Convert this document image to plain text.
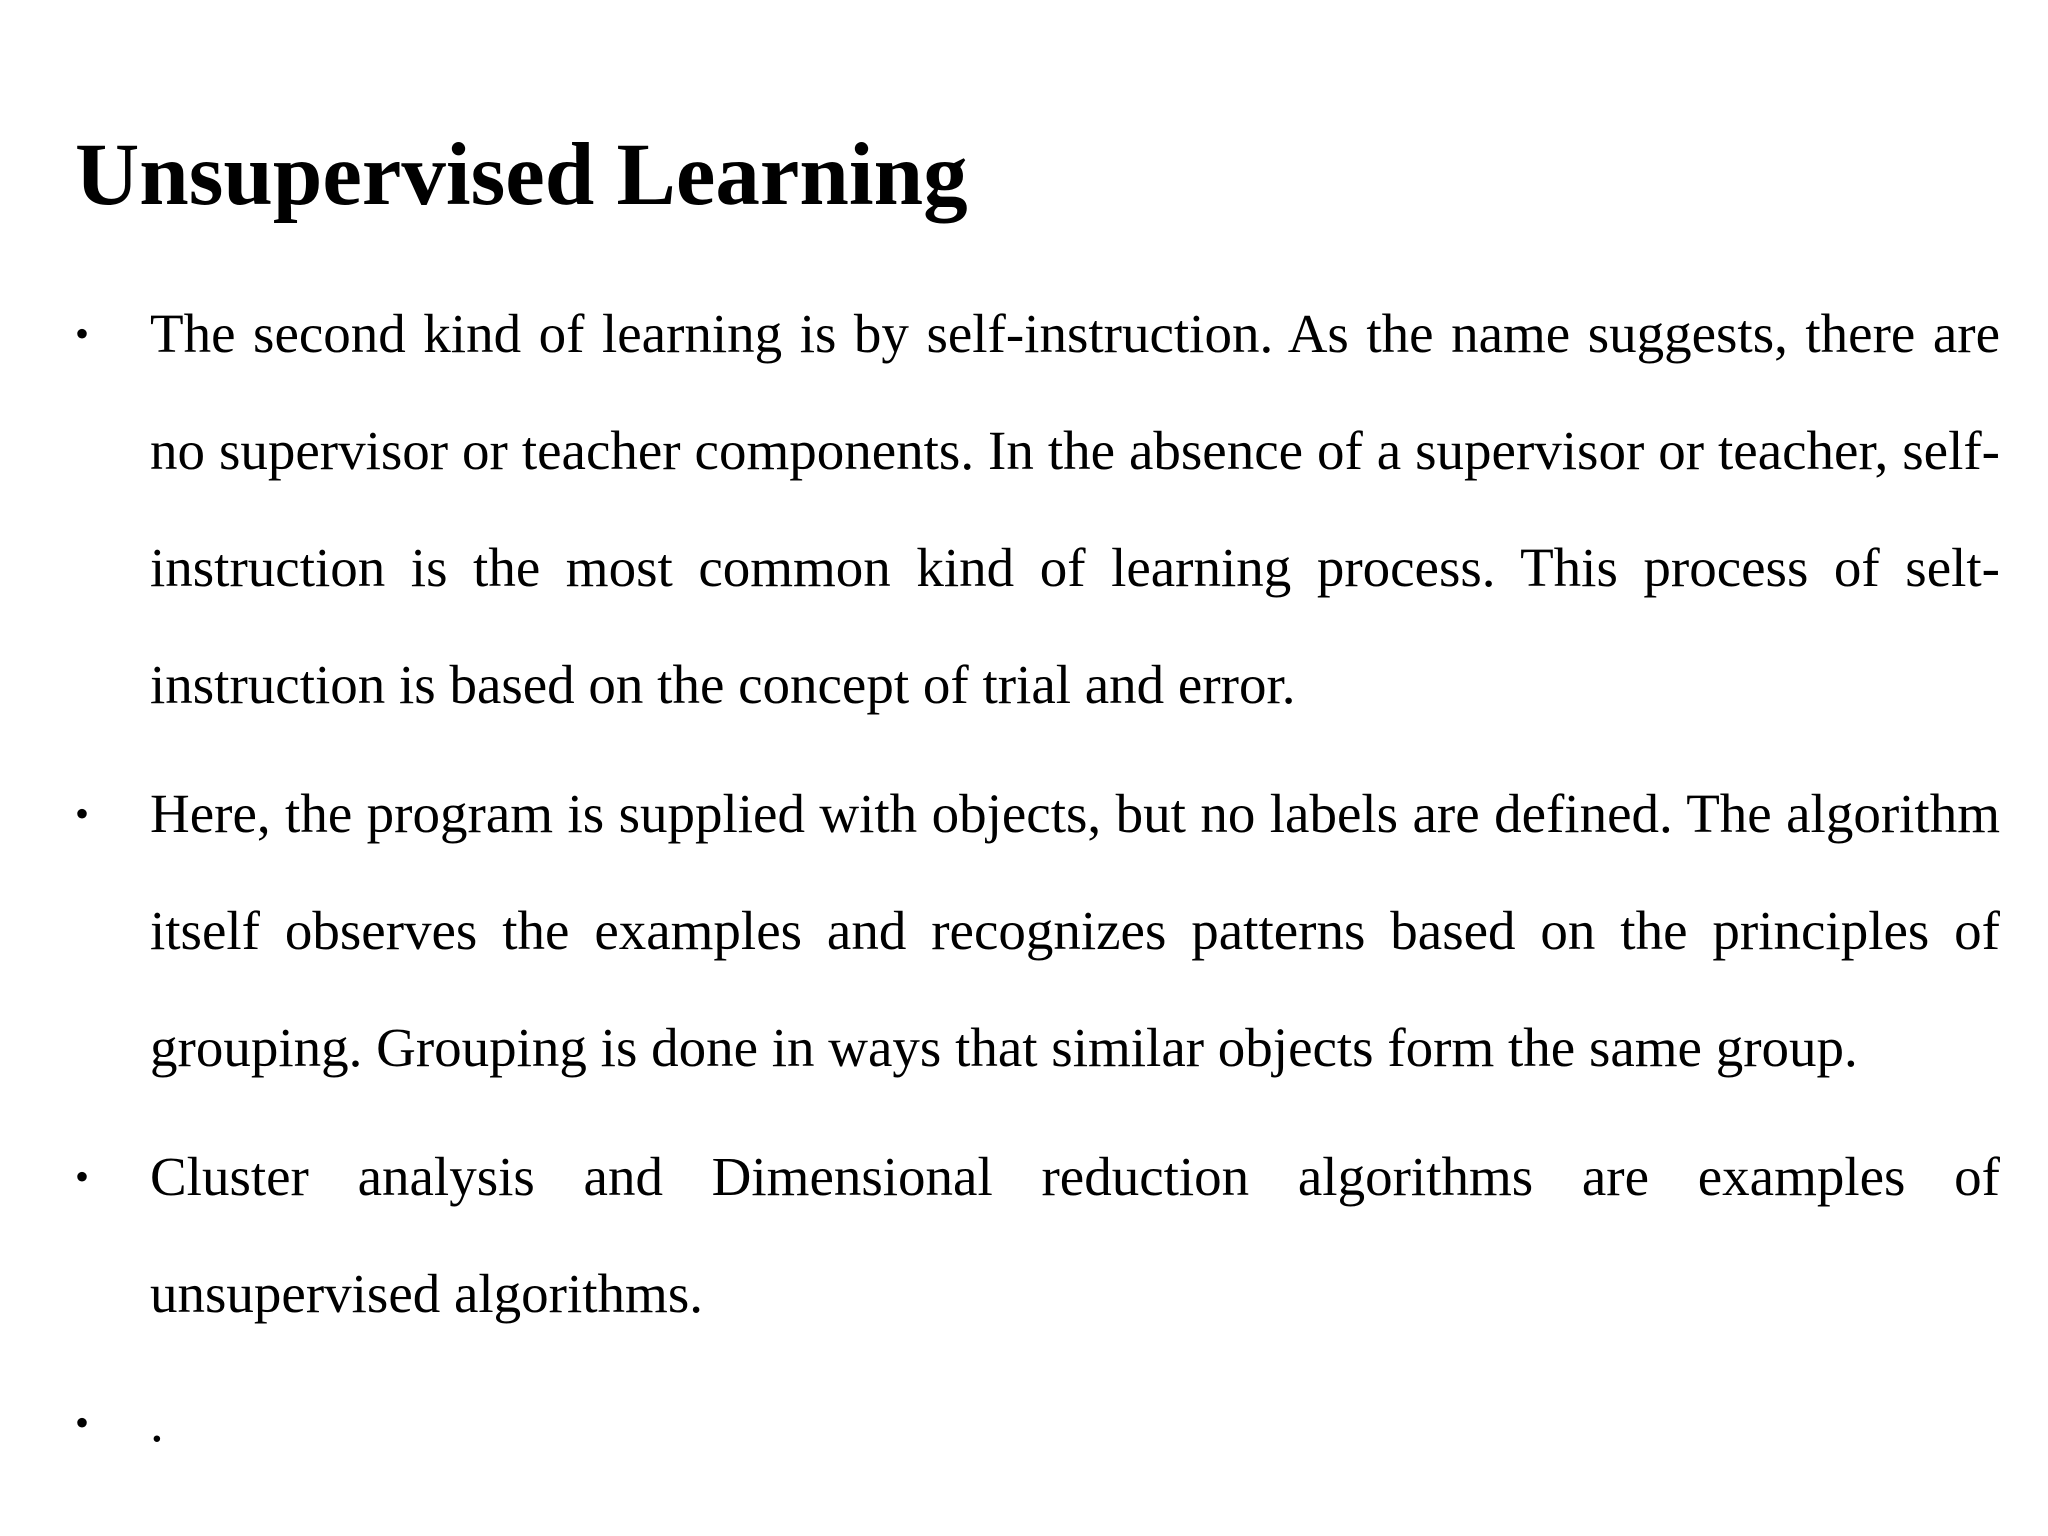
Unsupervised Learning
•	The second kind of learning is by self-instruction. As the name suggests, there are no supervisor or teacher components. In the absence of a supervisor or teacher, self-instruction is the most common kind of learning process. This process of selt-instruction is based on the concept of trial and error.
•	Here, the program is supplied with objects, but no labels are defined. The algorithm itself observes the examples and recognizes patterns based on the principles of grouping. Grouping is done in ways that similar objects form the same group.
•	Cluster analysis and Dimensional reduction algorithms are examples of unsupervised algorithms.
•	.
